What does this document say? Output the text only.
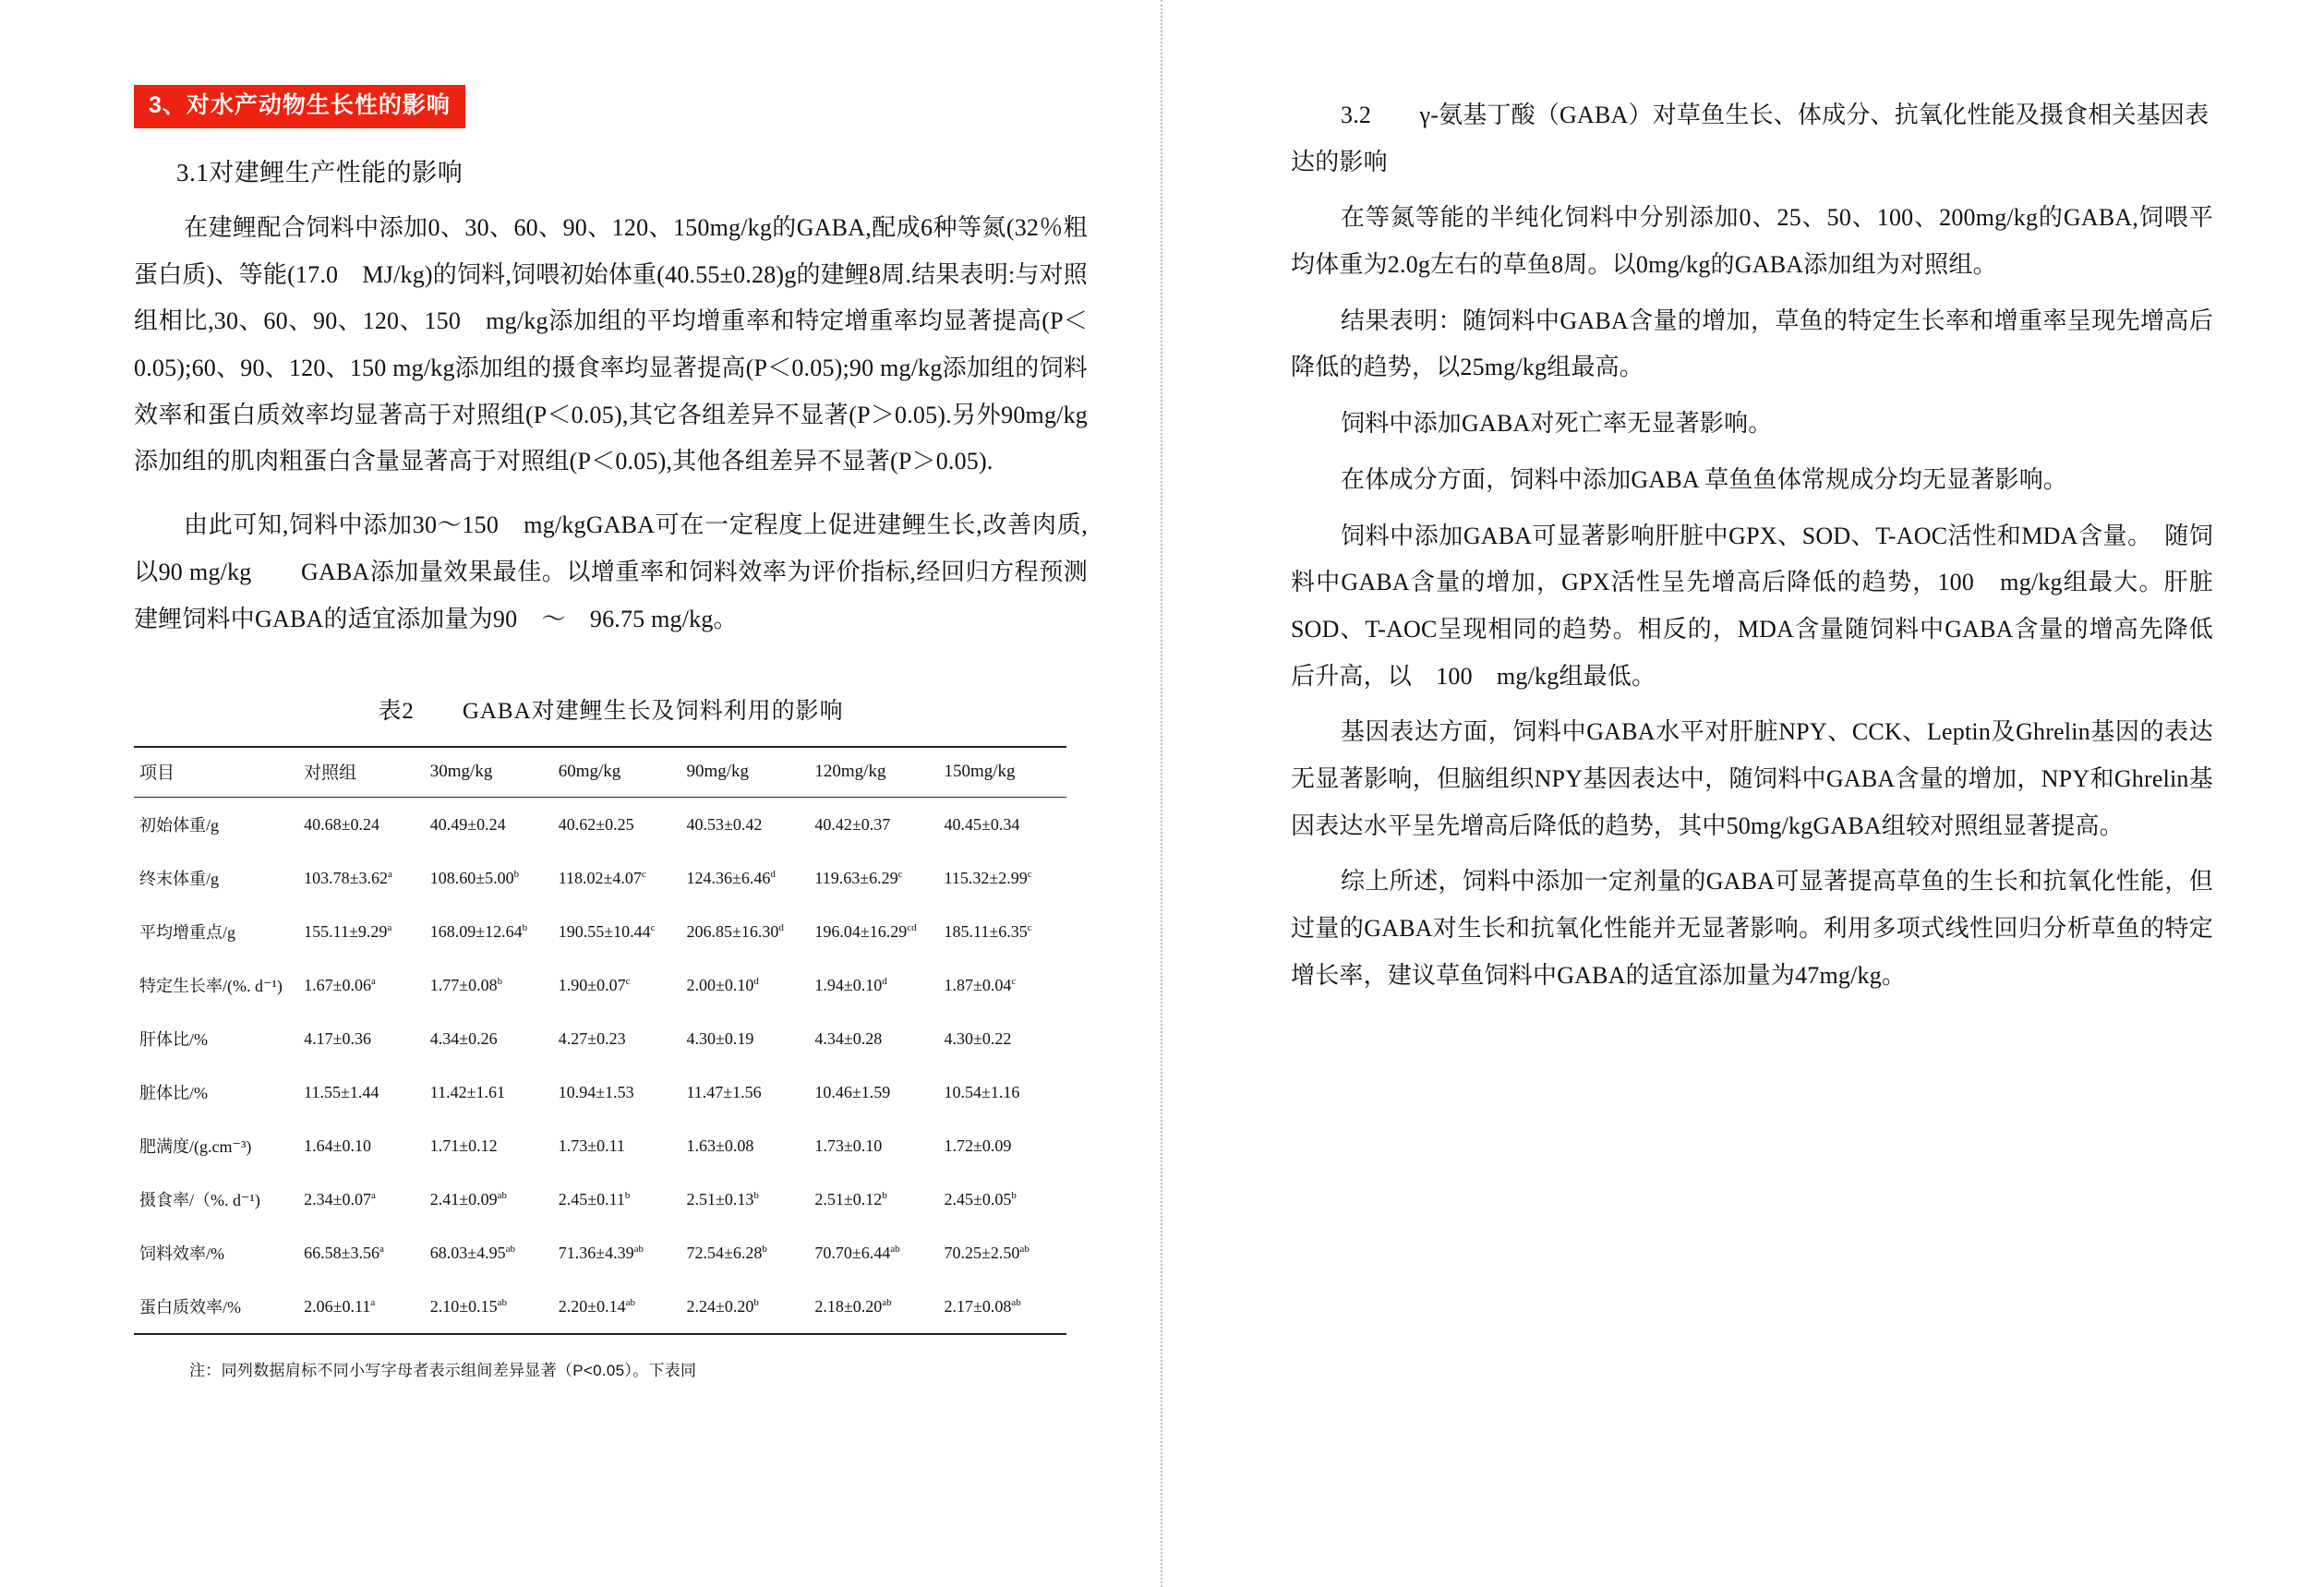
3、对水产动物生长性的影响
3.1对建鲤生产性能的影响

在建鲤配合饲料中添加0、30、60、90、120、150mg/kg的GABA,配成6种等氮(32％粗蛋白质)、等能(17.0　MJ/kg)的饲料,饲喂初始体重(40.55±0.28)g的建鲤8周.结果表明:与对照组相比,30、60、90、120、150　mg/kg添加组的平均增重率和特定增重率均显著提高(P＜0.05);60、90、120、150 mg/kg添加组的摄食率均显著提高(P＜0.05);90 mg/kg添加组的饲料效率和蛋白质效率均显著高于对照组(P＜0.05),其它各组差异不显著(P＞0.05).另外90mg/kg添加组的肌肉粗蛋白含量显著高于对照组(P＜0.05),其他各组差异不显著(P＞0.05).

由此可知,饲料中添加30～150　mg/kgGABA可在一定程度上促进建鲤生长,改善肉质,以90 mg/kg　　GABA添加量效果最佳。以增重率和饲料效率为评价指标,经回归方程预测建鲤饲料中GABA的适宜添加量为90　～　96.75 mg/kg。

表2　　GABA对建鲤生长及饲料利用的影响
项目	对照组	30mg/kg	60mg/kg	90mg/kg	120mg/kg	150mg/kg
初始体重/g	40.68±0.24	40.49±0.24	40.62±0.25	40.53±0.42	40.42±0.37	40.45±0.34
终末体重/g	103.78±3.62$^a$	108.60±5.00$^b$	118.02±4.07$^c$	124.36±6.46$^d$	119.63±6.29$^c$	115.32±2.99$^c$
平均增重点/g	155.11±9.29$^a$	168.09±12.64$^b$	190.55±10.44$^c$	206.85±16.30$^d$	196.04±16.29$^{cd}$	185.11±6.35$^c$
特定生长率/(%. d⁻¹)	1.67±0.06$^a$	1.77±0.08$^b$	1.90±0.07$^c$	2.00±0.10$^d$	1.94±0.10$^d$	1.87±0.04$^c$
肝体比/%	4.17±0.36	4.34±0.26	4.27±0.23	4.30±0.19	4.34±0.28	4.30±0.22
脏体比/%	11.55±1.44	11.42±1.61	10.94±1.53	11.47±1.56	10.46±1.59	10.54±1.16
肥满度/(g.cm⁻³)	1.64±0.10	1.71±0.12	1.73±0.11	1.63±0.08	1.73±0.10	1.72±0.09
摄食率/（%. d⁻¹)	2.34±0.07$^a$	2.41±0.09$^{ab}$	2.45±0.11$^b$	2.51±0.13$^b$	2.51±0.12$^b$	2.45±0.05$^b$
饲料效率/%	66.58±3.56$^a$	68.03±4.95$^{ab}$	71.36±4.39$^{ab}$	72.54±6.28$^b$	70.70±6.44$^{ab}$	70.25±2.50$^{ab}$
蛋白质效率/%	2.06±0.11$^a$	2.10±0.15$^{ab}$	2.20±0.14$^{ab}$	2.24±0.20$^b$	2.18±0.20$^{ab}$	2.17±0.08$^{ab}$
注：同列数据肩标不同小写字母者表示组间差异显著（P<0.05）。下表同
3.2　　γ-氨基丁酸（GABA）对草鱼生长、体成分、抗氧化性能及摄食相关基因表达的影响

在等氮等能的半纯化饲料中分别添加0、25、50、100、200mg/kg的GABA,饲喂平均体重为2.0g左右的草鱼8周。以0mg/kg的GABA添加组为对照组。

结果表明：随饲料中GABA含量的增加，草鱼的特定生长率和增重率呈现先增高后降低的趋势，以25mg/kg组最高。

饲料中添加GABA对死亡率无显著影响。

在体成分方面，饲料中添加GABA 草鱼鱼体常规成分均无显著影响。

饲料中添加GABA可显著影响肝脏中GPX、SOD、T-AOC活性和MDA含量。　随饲料中GABA含量的增加，GPX活性呈先增高后降低的趋势，100　mg/kg组最大。肝脏SOD、T-AOC呈现相同的趋势。相反的，MDA含量随饲料中GABA含量的增高先降低后升高，以　100　mg/kg组最低。

基因表达方面，饲料中GABA水平对肝脏NPY、CCK、Leptin及Ghrelin基因的表达无显著影响，但脑组织NPY基因表达中，随饲料中GABA含量的增加，NPY和Ghrelin基因表达水平呈先增高后降低的趋势，其中50mg/kgGABA组较对照组显著提高。

综上所述，饲料中添加一定剂量的GABA可显著提高草鱼的生长和抗氧化性能，但过量的GABA对生长和抗氧化性能并无显著影响。利用多项式线性回归分析草鱼的特定增长率，建议草鱼饲料中GABA的适宜添加量为47mg/kg。
